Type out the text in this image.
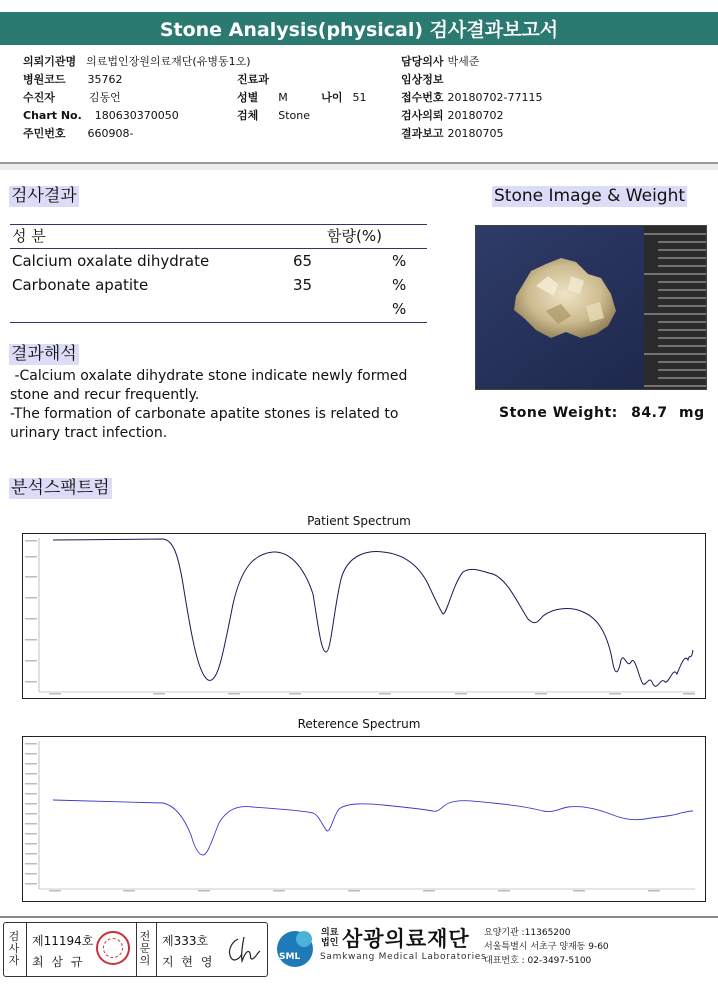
Stone Analysis(physical) 검사결과보고서
의뢰기관명 의료법인장원의료재단(유병동1오)
병원코드 35762
수진자	김동언
Chart No. 180630370050
주민번호 660908-
진료과
성별 M	나이 51
검체 Stone
담당의사 박세준
임상정보
접수번호 20180702-77115
검사의뢰 20180702
결과보고 20180705
검사결과
성 분	함량(%)
Calcium oxalate dihydrate	65	%
Carbonate apatite	35	%
%
결과해석
-Calcium oxalate dihydrate stone indicate newly formed
stone and recur frequently.
-The formation of carbonate apatite stones is related to
urinary tract infection.
Stone Image & Weight
Stone Weight: 84.7 mg
분석스팩트럼
Patient Spectrum
Reterence Spectrum
검사자
제11194호
최 삼 규
전문의
제333호
지 현 영	SML
의료
법인 삼광의료재단
Samkwang Medical Laboratories
요양기관 :11365200
서울특별시 서초구 양재동 9-60
대표번호 : 02-3497-5100
